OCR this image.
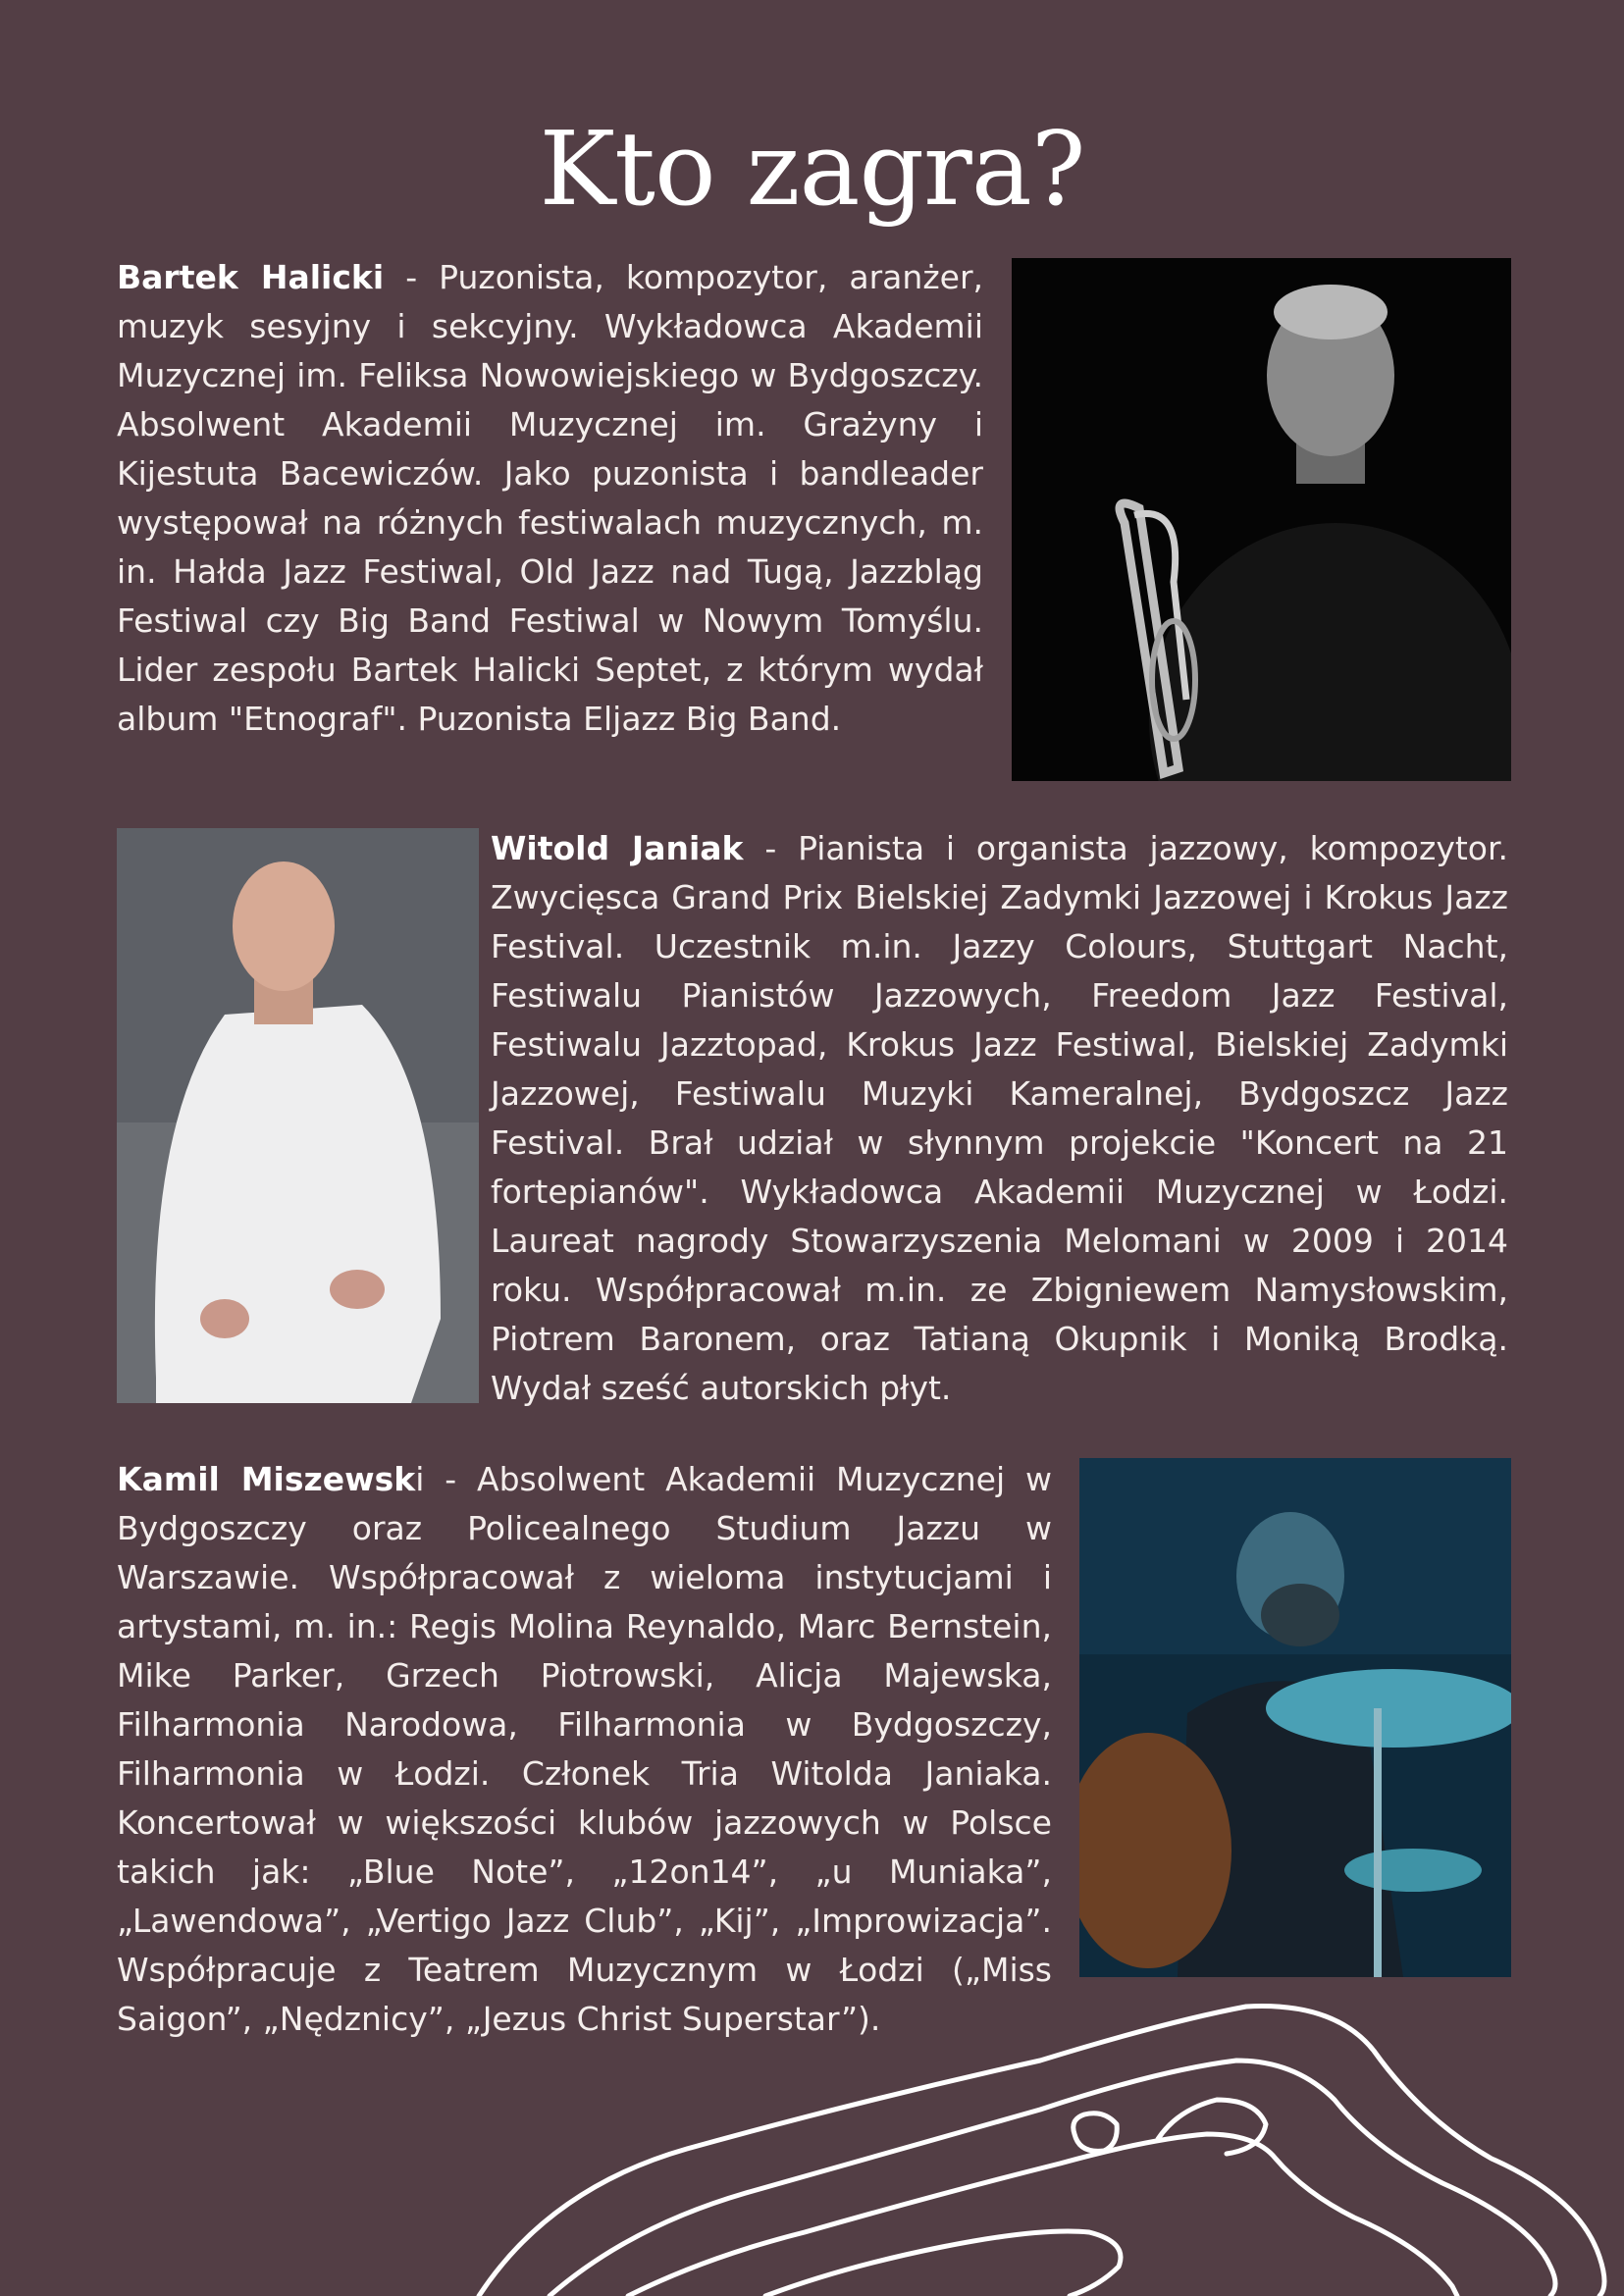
Kto zagra?

Bartek Halicki - Puzonista, kompozytor, aranżer, muzyk sesyjny i sekcyjny. Wykładowca Akademii Muzycznej im. Feliksa Nowowiejskiego w Bydgoszczy. Absolwent Akademii Muzycznej im. Grażyny i Kijestuta Bacewiczów. Jako puzonista i bandleader występował na różnych festiwalach muzycznych, m. in. Hałda Jazz Festiwal, Old Jazz nad Tugą, Jazzbląg Festiwal czy Big Band Festiwal w Nowym Tomyślu. Lider zespołu Bartek Halicki Septet, z którym wydał album "Etnograf". Puzonista Eljazz Big Band.

Witold Janiak - Pianista i organista jazzowy, kompozytor. Zwycięsca Grand Prix Bielskiej Zadymki Jazzowej i Krokus Jazz Festival. Uczestnik m.in. Jazzy Colours, Stuttgart Nacht, Festiwalu Pianistów Jazzowych, Freedom Jazz Festival, Festiwalu Jazztopad, Krokus Jazz Festiwal, Bielskiej Zadymki Jazzowej, Festiwalu Muzyki Kameralnej, Bydgoszcz Jazz Festival. Brał udział w słynnym projekcie "Koncert na 21 fortepianów". Wykładowca Akademii Muzycznej w Łodzi. Laureat nagrody Stowarzyszenia Melomani w 2009 i 2014 roku. Współpracował m.in. ze Zbigniewem Namysłowskim, Piotrem Baronem, oraz Tatianą Okupnik i Moniką Brodką. Wydał sześć autorskich płyt.

Kamil Miszewski - Absolwent Akademii Muzycznej w Bydgoszczy oraz Policealnego Studium Jazzu w Warszawie. Współpracował z wieloma instytucjami i artystami, m. in.: Regis Molina Reynaldo, Marc Bernstein, Mike Parker, Grzech Piotrowski, Alicja Majewska, Filharmonia Narodowa, Filharmonia w Bydgoszczy, Filharmonia w Łodzi. Członek Tria Witolda Janiaka. Koncertował w większości klubów jazzowych w Polsce takich jak: „Blue Note”, „12on14”, „u Muniaka”, „Lawendowa”, „Vertigo Jazz Club”, „Kij”, „Improwizacja”. Współpracuje z Teatrem Muzycznym w Łodzi („Miss Saigon”, „Nędznicy”, „Jezus Christ Superstar”).
